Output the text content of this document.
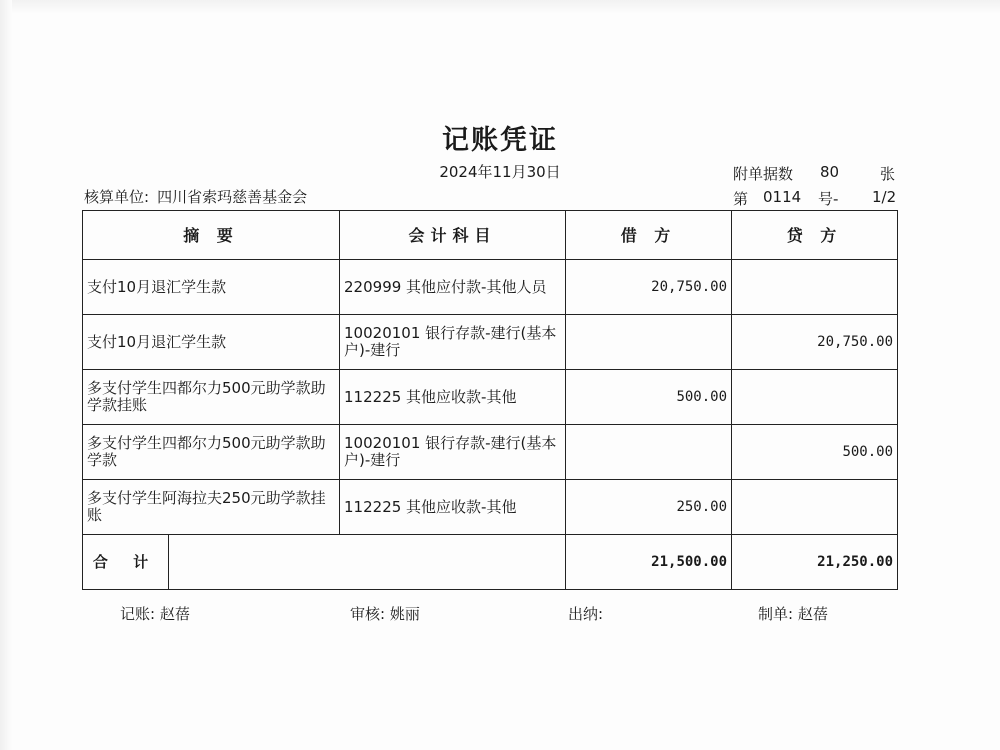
记账凭证
2024年11月30日	附单据数 80	张
核算单位: 四川省索玛慈善基金会	第 0114 号- 1/2
摘 要		会计科目	借 方	贷 方
支付10月退汇学生款		220999 其他应付款-其他人员	20,750.00	
支付10月退汇学生款		10020101 银行存款-建行(基本户)-建行		20,750.00
多支付学生四都尔力500元助学款助学款挂账		112225 其他应收款-其他	500.00	
多支付学生四都尔力500元助学款助学款		10020101 银行存款-建行(基本户)-建行		500.00
多支付学生阿海拉夫250元助学款挂账		112225 其他应收款-其他	250.00	
合 计			21,500.00	21,250.00
记账: 赵蓓	审核: 姚丽	出纳:	制单: 赵蓓
